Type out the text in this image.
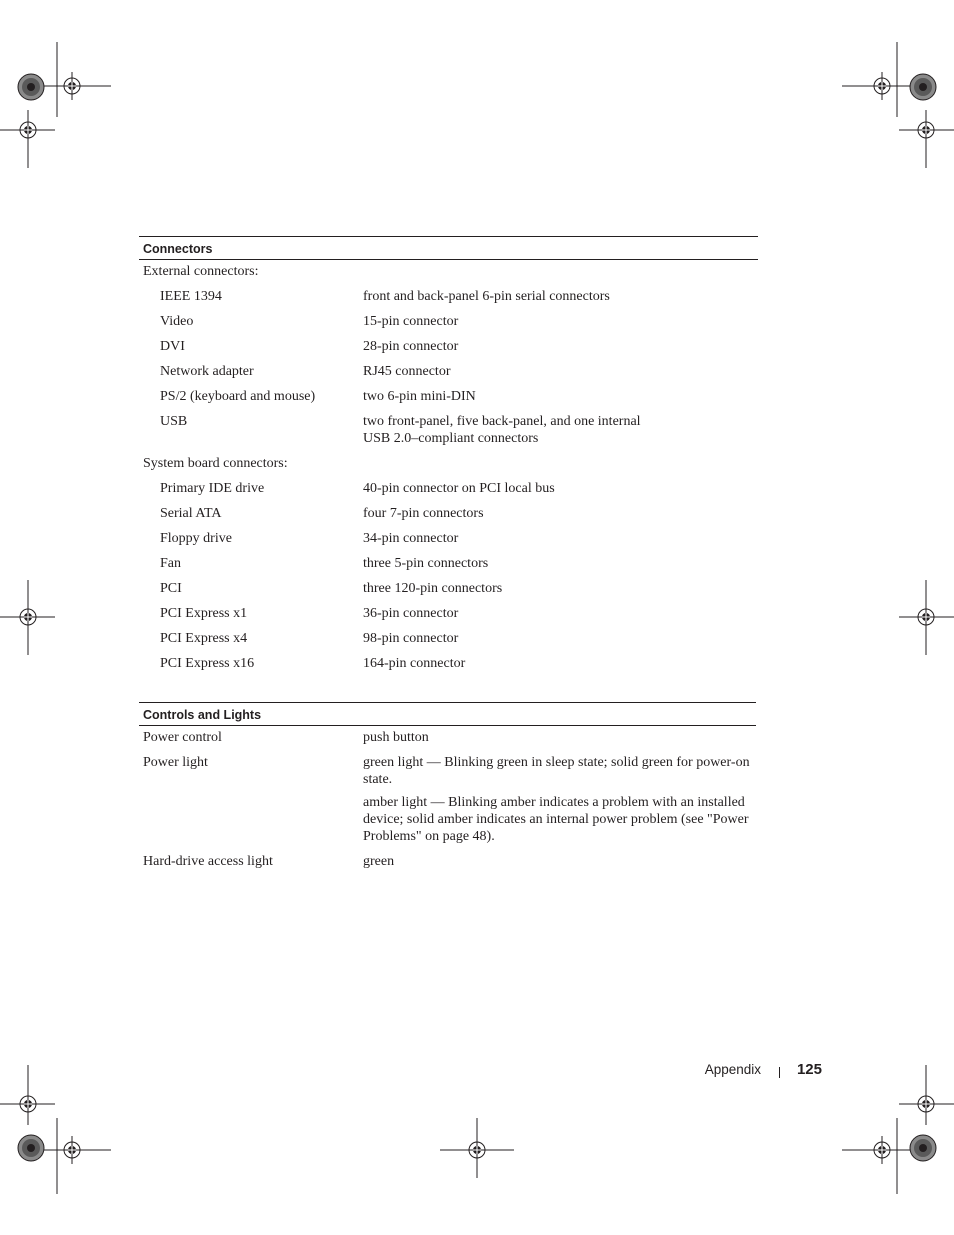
Connectors
External connectors:
IEEE 1394	front and back-panel 6-pin serial connectors
Video	15-pin connector
DVI	28-pin connector
Network adapter	RJ45 connector
PS/2 (keyboard and mouse)	two 6-pin mini-DIN
USB	two front-panel, five back-panel, and one internal
USB 2.0–compliant connectors
System board connectors:
Primary IDE drive	40-pin connector on PCI local bus
Serial ATA	four 7-pin connectors
Floppy drive	34-pin connector
Fan	three 5-pin connectors
PCI	three 120-pin connectors
PCI Express x1	36-pin connector
PCI Express x4	98-pin connector
PCI Express x16	164-pin connector
Controls and Lights
Power control	push button

Power light	green light — Blinking green in sleep state; solid green for power-on state.

amber light — Blinking amber indicates a problem with an installed device; solid amber indicates an internal power problem (see "Power Problems" on page 48).

Hard-drive access light	green

Appendix 125
